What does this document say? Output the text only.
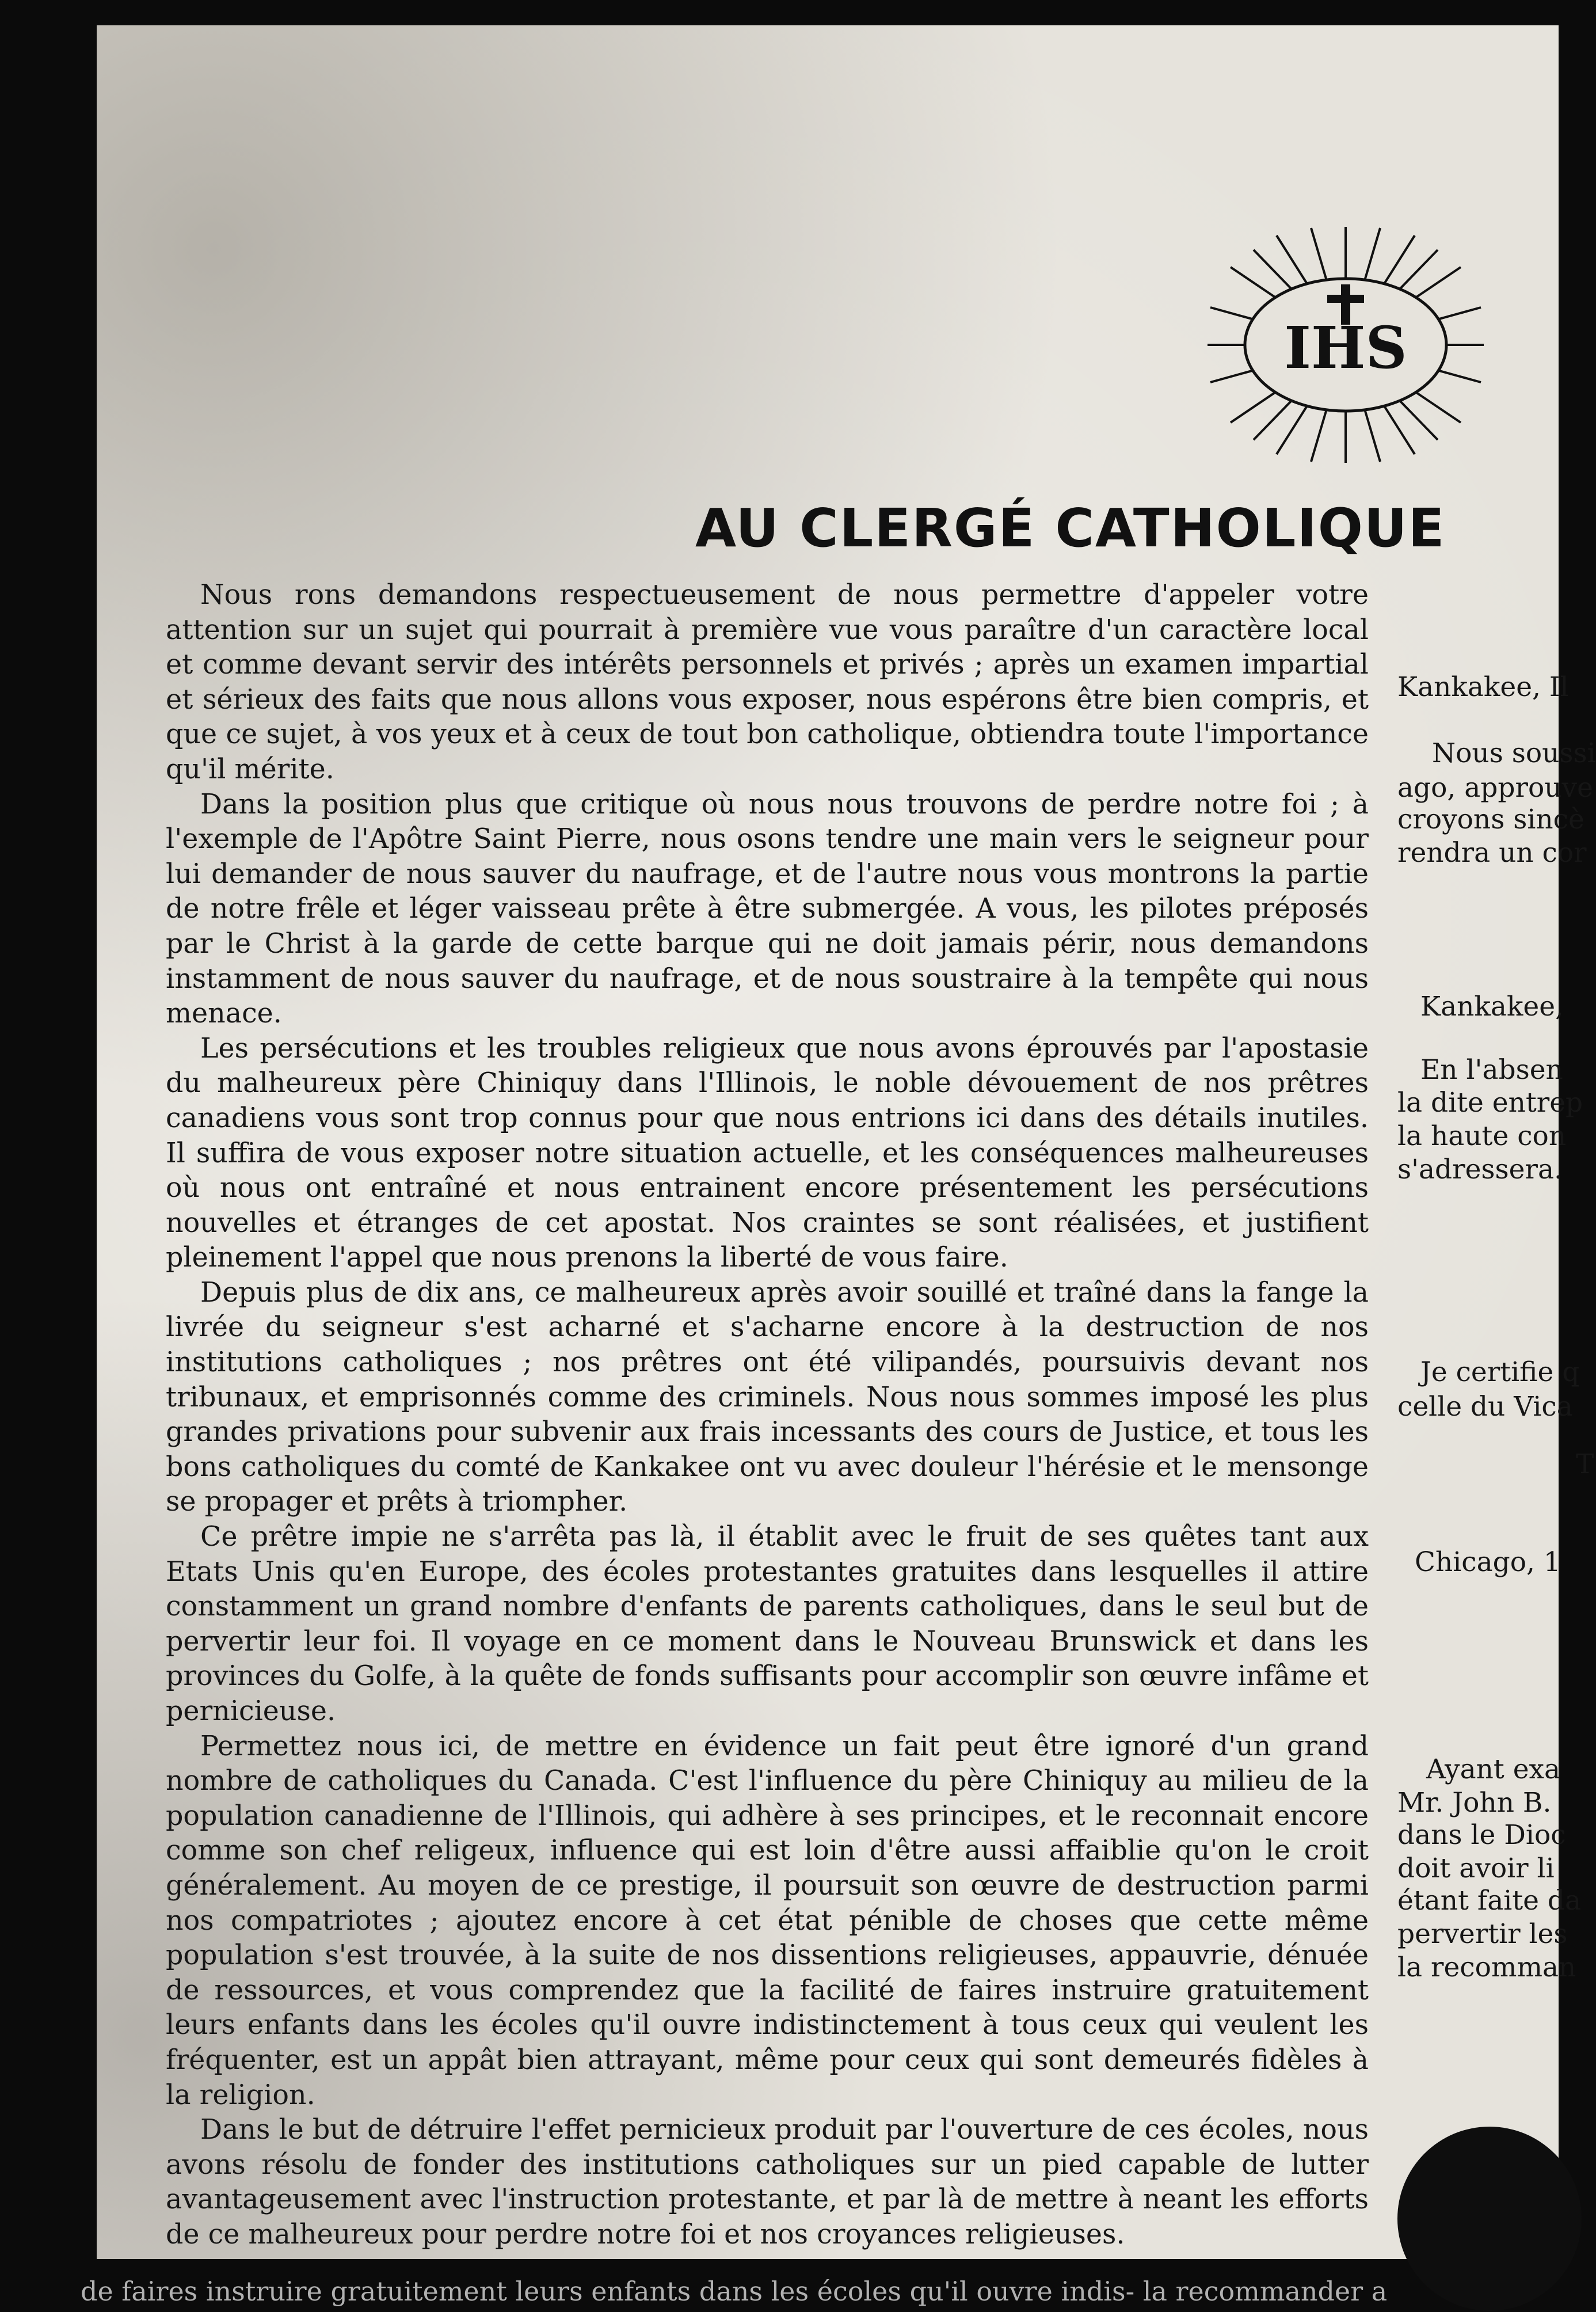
IHS
AU CLERGÉ CATHOLIQUE

Nous rons demandons respectueusement de nous permettre d'appeler votre attention sur un sujet qui pourrait à première vue vous paraître d'un caractère local et comme devant servir des intérêts personnels et privés ; après un examen impartial et sérieux des faits que nous allons vous exposer, nous espérons être bien compris, et que ce sujet, à vos yeux et à ceux de tout bon catholique, obtiendra toute l'importance qu'il mérite.

Dans la position plus que critique où nous nous trouvons de perdre notre foi ; à l'exemple de l'Apôtre Saint Pierre, nous osons tendre une main vers le seigneur pour lui demander de nous sauver du naufrage, et de l'autre nous vous montrons la partie de notre frêle et léger vaisseau prête à être submergée. A vous, les pilotes préposés par le Christ à la garde de cette barque qui ne doit jamais périr, nous demandons instamment de nous sauver du naufrage, et de nous soustraire à la tempête qui nous menace.

Les persécutions et les troubles religieux que nous avons éprouvés par l'apostasie du malheureux père Chiniquy dans l'Illinois, le noble dévouement de nos prêtres canadiens vous sont trop connus pour que nous entrions ici dans des détails inutiles. Il suffira de vous exposer notre situation actuelle, et les conséquences malheureuses où nous ont entraîné et nous entrainent encore présentement les persécutions nouvelles et étranges de cet apostat. Nos craintes se sont réalisées, et justifient pleinement l'appel que nous prenons la liberté de vous faire.

Depuis plus de dix ans, ce malheureux après avoir souillé et traîné dans la fange la livrée du seigneur s'est acharné et s'acharne encore à la destruction de nos institutions catholiques ; nos prêtres ont été vilipandés, poursuivis devant nos tribunaux, et emprisonnés comme des criminels. Nous nous sommes imposé les plus grandes privations pour subvenir aux frais incessants des cours de Justice, et tous les bons catholiques du comté de Kankakee ont vu avec douleur l'hérésie et le mensonge se propager et prêts à triompher.

Ce prêtre impie ne s'arrêta pas là, il établit avec le fruit de ses quêtes tant aux Etats Unis qu'en Europe, des écoles protestantes gratuites dans lesquelles il attire constamment un grand nombre d'enfants de parents catholiques, dans le seul but de pervertir leur foi. Il voyage en ce moment dans le Nouveau Brunswick et dans les provinces du Golfe, à la quête de fonds suffisants pour accomplir son œuvre infâme et pernicieuse.

Permettez nous ici, de mettre en évidence un fait peut être ignoré d'un grand nombre de catholiques du Canada. C'est l'influence du père Chiniquy au milieu de la population canadienne de l'Illinois, qui adhère à ses principes, et le reconnait encore comme son chef religeux, influence qui est loin d'être aussi affaiblie qu'on le croit généralement. Au moyen de ce prestige, il poursuit son œuvre de destruction parmi nos compatriotes ; ajoutez encore à cet état pénible de choses que cette même population s'est trouvée, à la suite de nos dissentions religieuses, appauvrie, dénuée de ressources, et vous comprendez que la facilité de faires instruire gratuitement leurs enfants dans les écoles qu'il ouvre indistinctement à tous ceux qui veulent les fréquenter, est un appât bien attrayant, même pour ceux qui sont demeurés fidèles à la religion.

Dans le but de détruire l'effet pernicieux produit par l'ouverture de ces écoles, nous avons résolu de fonder des institutions catholiques sur un pied capable de lutter avantageusement avec l'instruction protestante, et par là de mettre à neant les efforts de ce malheureux pour perdre notre foi et nos croyances religieuses.

Kankakee, Il
Nous soussi
ago, approuve
croyons sincè
rendra un cor
Kankakee,
En l'absen
la dite entrep
la haute con
s'adressera.
Je certifie q
celle du Vica
T
Chicago, 1
Ayant exa
Mr. John B.
dans le Dioc
doit avoir li
étant faite da
pervertir les
la recomman
de faires instruire gratuitement leurs enfants dans les écoles qu'il ouvre indis- la recommander a
